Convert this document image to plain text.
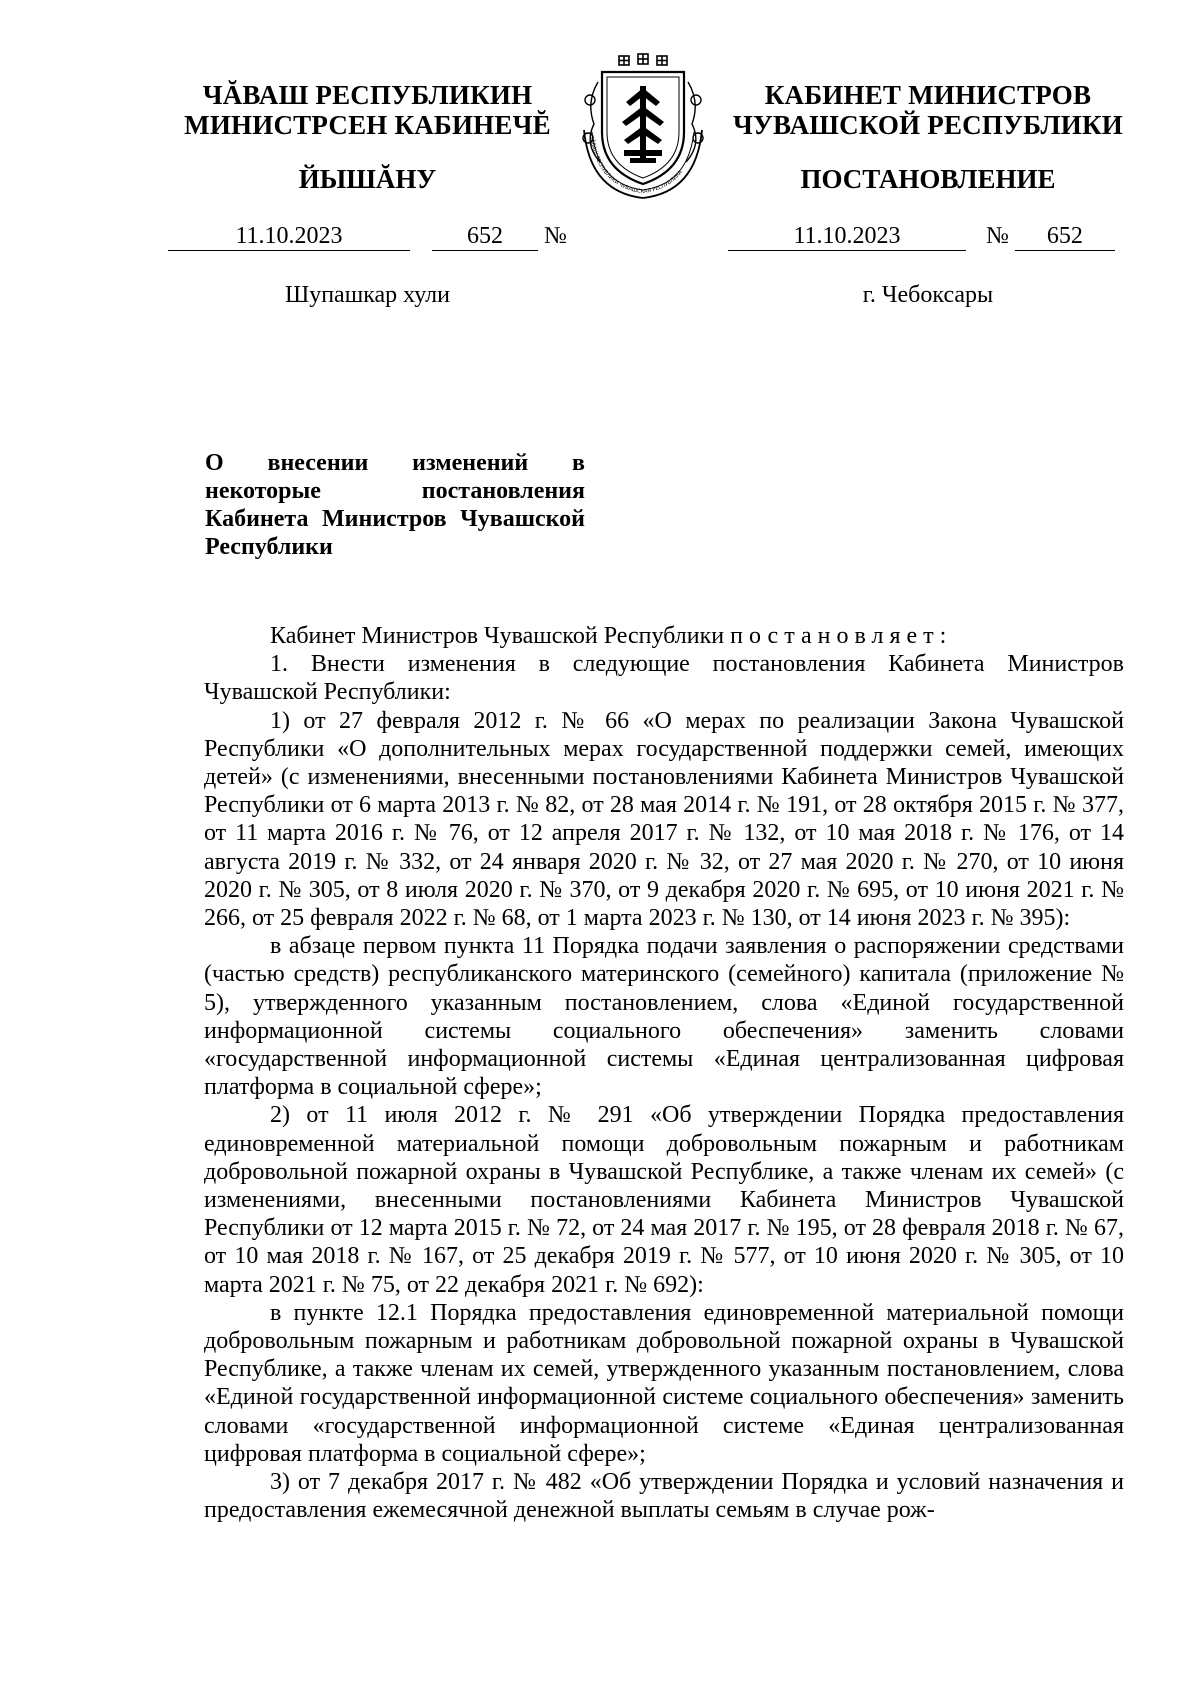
ЧĂВАШ РЕСПУБЛИКИН
МИНИСТРСЕН КАБИНЕЧĔ
ЙЫШĂНУ
ЧĂВАШ РЕСПУБЛИКИ ЧУВАШСКАЯ РЕСПУБЛИКА
КАБИНЕТ МИНИСТРОВ
ЧУВАШСКОЙ РЕСПУБЛИКИ
ПОСТАНОВЛЕНИЕ
11.10.2023	652 №	11.10.2023	№ 652
Шупашкар хули	г. Чебоксары
О внесении изменений в некоторые постановления Кабинета Министров Чувашской Республики

Кабинет Министров Чувашской Республики постановляет:

1. Внести изменения в следующие постановления Кабинета Министров Чувашской Республики:

1) от 27 февраля 2012 г. № 66 «О мерах по реализации Закона Чувашской Республики «О дополнительных мерах государственной поддержки семей, имеющих детей» (с изменениями, внесенными постановлениями Кабинета Министров Чувашской Республики от 6 марта 2013 г. № 82, от 28 мая 2014 г. № 191, от 28 октября 2015 г. № 377, от 11 марта 2016 г. № 76, от 12 апреля 2017 г. № 132, от 10 мая 2018 г. № 176, от 14 августа 2019 г. № 332, от 24 января 2020 г. № 32, от 27 мая 2020 г. № 270, от 10 июня 2020 г. № 305, от 8 июля 2020 г. № 370, от 9 декабря 2020 г. № 695, от 10 июня 2021 г. № 266, от 25 февраля 2022 г. № 68, от 1 марта 2023 г. № 130, от 14 июня 2023 г. № 395):

в абзаце первом пункта 11 Порядка подачи заявления о распоряжении средствами (частью средств) республиканского материнского (семейного) капитала (приложение № 5), утвержденного указанным постановлением, слова «Единой государственной информационной системы социального обеспечения» заменить словами «государственной информационной системы «Единая централизованная цифровая платформа в социальной сфере»;

2) от 11 июля 2012 г. № 291 «Об утверждении Порядка предоставления единовременной материальной помощи добровольным пожарным и работникам добровольной пожарной охраны в Чувашской Республике, а также членам их семей» (с изменениями, внесенными постановлениями Кабинета Министров Чувашской Республики от 12 марта 2015 г. № 72, от 24 мая 2017 г. № 195, от 28 февраля 2018 г. № 67, от 10 мая 2018 г. № 167, от 25 декабря 2019 г. № 577, от 10 июня 2020 г. № 305, от 10 марта 2021 г. № 75, от 22 декабря 2021 г. № 692):

в пункте 12.1 Порядка предоставления единовременной материальной помощи добровольным пожарным и работникам добровольной пожарной охраны в Чувашской Республике, а также членам их семей, утвержденного указанным постановлением, слова «Единой государственной информационной системе социального обеспечения» заменить словами «государственной информационной системе «Единая централизованная цифровая платформа в социальной сфере»;

3) от 7 декабря 2017 г. № 482 «Об утверждении Порядка и условий назначения и предоставления ежемесячной денежной выплаты семьям в случае рож-
